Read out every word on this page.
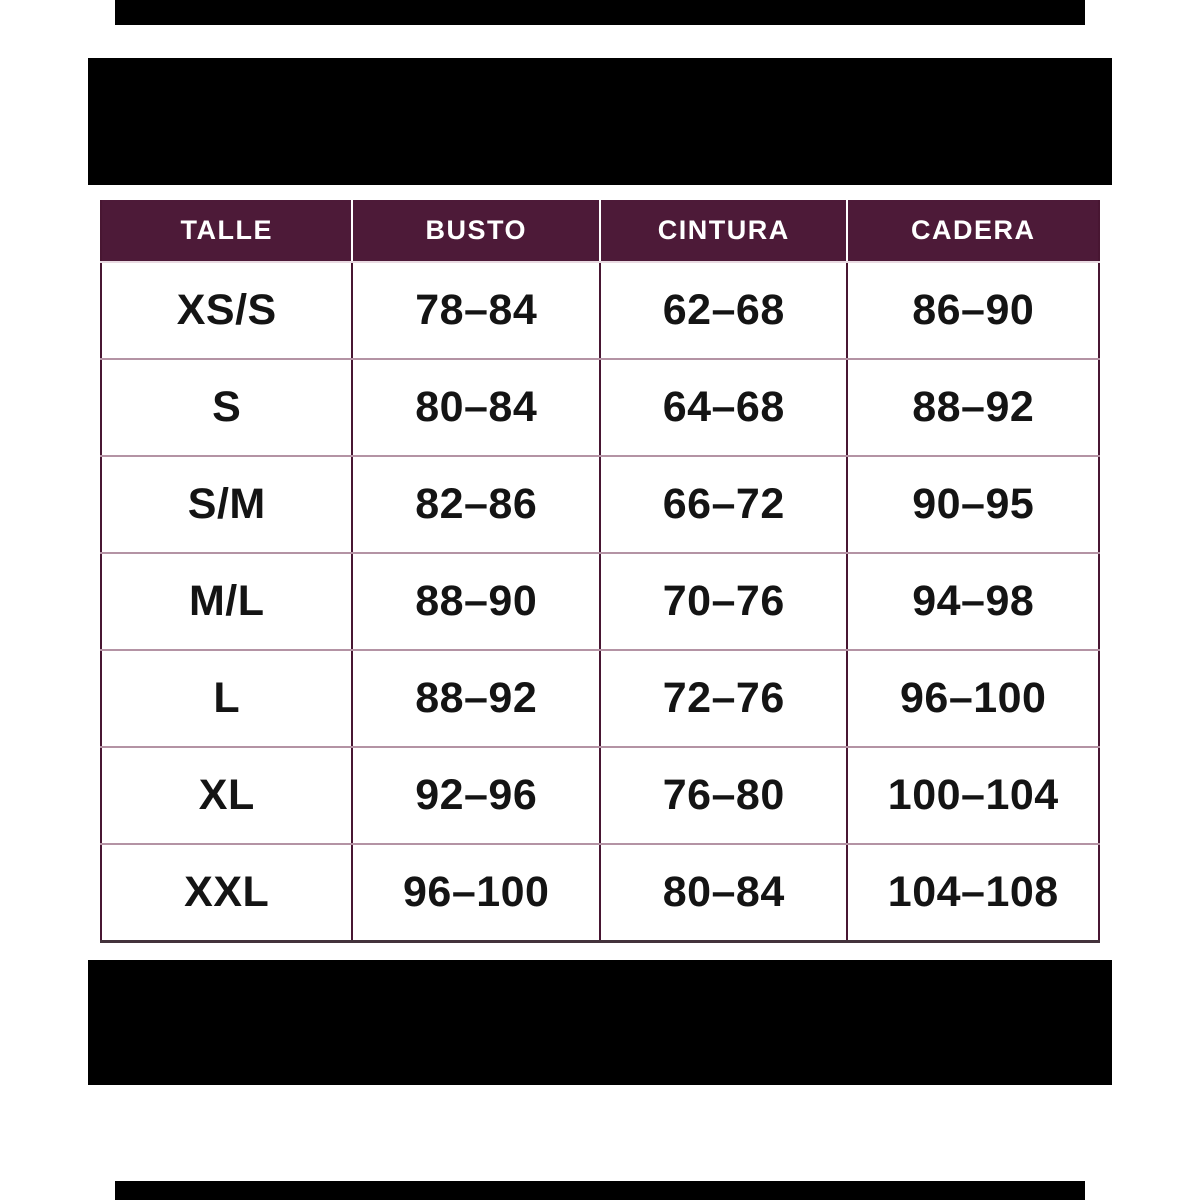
TALLE	BUSTO	CINTURA	CADERA
XS/S	78–84	62–68	86–90
S	80–84	64–68	88–92
S/M	82–86	66–72	90–95
M/L	88–90	70–76	94–98
L	88–92	72–76	96–100
XL	92–96	76–80	100–104
XXL	96–100	80–84	104–108
